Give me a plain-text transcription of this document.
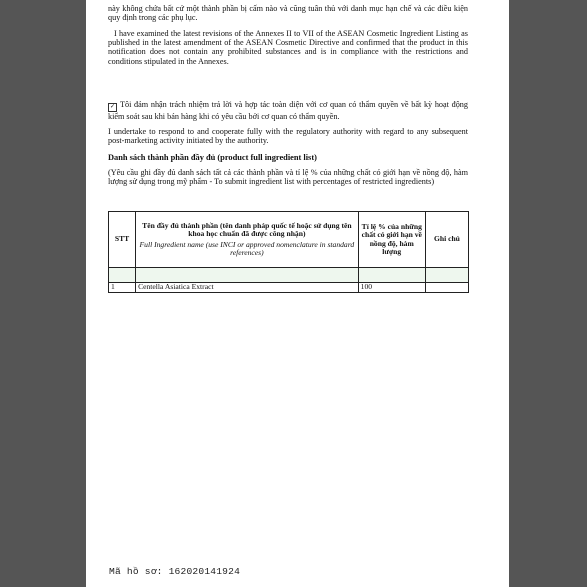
này không chứa bất cứ một thành phần bị cấm nào và cũng tuân thủ với danh mục hạn chế và các điều kiện quy định trong các phụ lục.

I have examined the latest revisions of the Annexes II to VII of the ASEAN Cosmetic Ingredient Listing as published in the latest amendment of the ASEAN Cosmetic Directive and confirmed that the product in this notification does not contain any prohibited substances and is in compliance with the restrictions and conditions stipulated in the Annexes.

✓ Tôi đảm nhận trách nhiệm trả lời và hợp tác toàn diện với cơ quan có thẩm quyền về bất kỳ hoạt động kiểm soát sau khi bán hàng khi có yêu cầu bởi cơ quan có thẩm quyền.

I undertake to respond to and cooperate fully with the regulatory authority with regard to any subsequent post-marketing activity initiated by the authority.

Danh sách thành phần đầy đủ (product full ingredient list)

(Yêu cầu ghi đầy đủ danh sách tất cả các thành phần và tỉ lệ % của những chất có giới hạn về nồng độ, hàm lượng sử dụng trong mỹ phẩm - To submit ingredient list with percentages of restricted ingredients)

STT	Tên đầy đủ thành phần (tên danh pháp quốc tế hoặc sử dụng tên khoa học chuẩn đã được công nhận)
Full Ingredient name (use INCI or approved nomenclature in standard references)	Tỉ lệ % của những chất có giới hạn về nồng độ, hàm lượng	Ghi chú

1	Centella Asiatica Extract	100	
Mã hồ sơ: 162020141924
